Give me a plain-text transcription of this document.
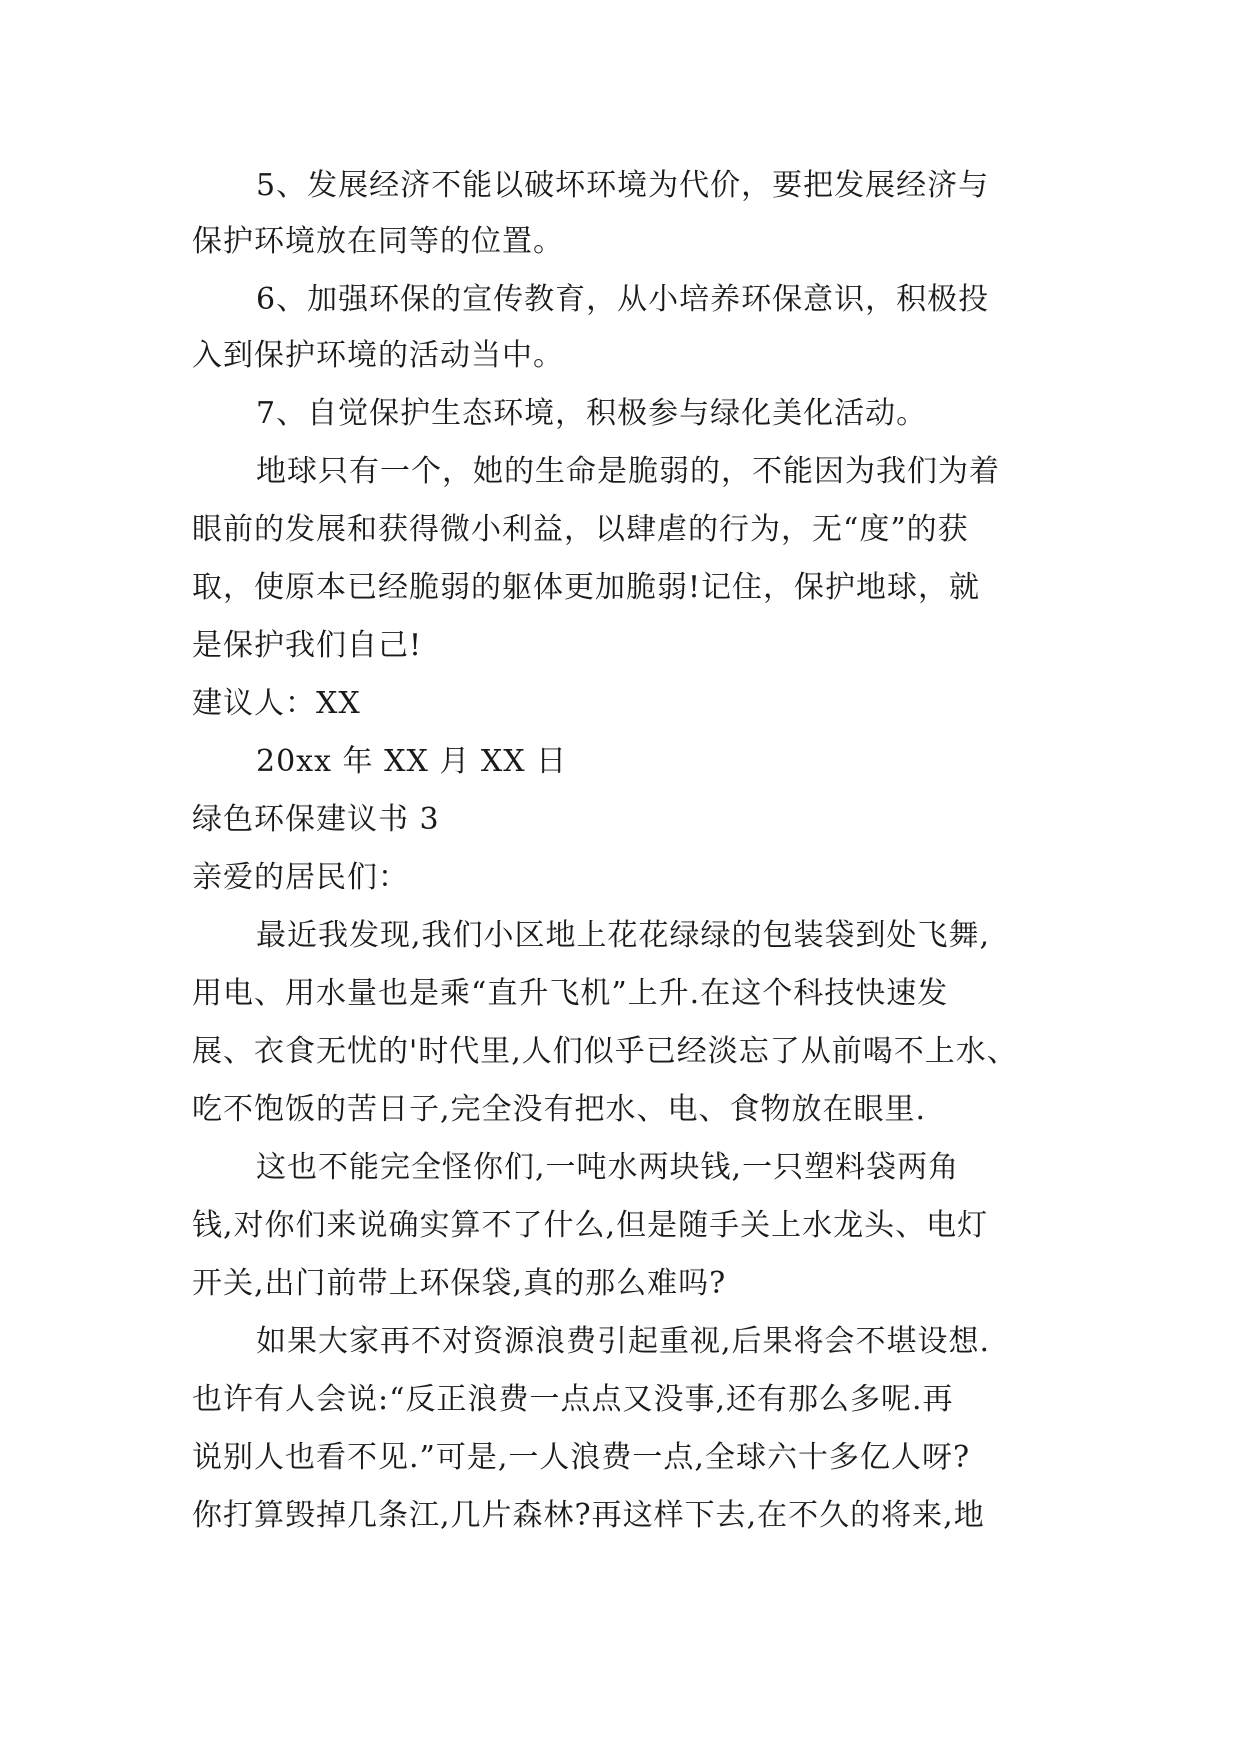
5、发展经济不能以破坏环境为代价，要把发展经济与
保护环境放在同等的位置。
6、加强环保的宣传教育，从小培养环保意识，积极投
入到保护环境的活动当中。
7、自觉保护生态环境，积极参与绿化美化活动。
地球只有一个，她的生命是脆弱的，不能因为我们为着
眼前的发展和获得微小利益，以肆虐的行为，无“度”的获
取，使原本已经脆弱的躯体更加脆弱!记住，保护地球，就
是保护我们自己!
建议人：XX
20xx 年 XX 月 XX 日
绿色环保建议书 3
亲爱的居民们：
最近我发现,我们小区地上花花绿绿的包装袋到处飞舞,
用电、用水量也是乘“直升飞机”上升.在这个科技快速发
展、衣食无忧的'时代里,人们似乎已经淡忘了从前喝不上水、
吃不饱饭的苦日子,完全没有把水、电、食物放在眼里.
这也不能完全怪你们,一吨水两块钱,一只塑料袋两角
钱,对你们来说确实算不了什么,但是随手关上水龙头、电灯
开关,出门前带上环保袋,真的那么难吗?
如果大家再不对资源浪费引起重视,后果将会不堪设想.
也许有人会说:“反正浪费一点点又没事,还有那么多呢.再
说别人也看不见.”可是,一人浪费一点,全球六十多亿人呀?
你打算毁掉几条江,几片森林?再这样下去,在不久的将来,地
